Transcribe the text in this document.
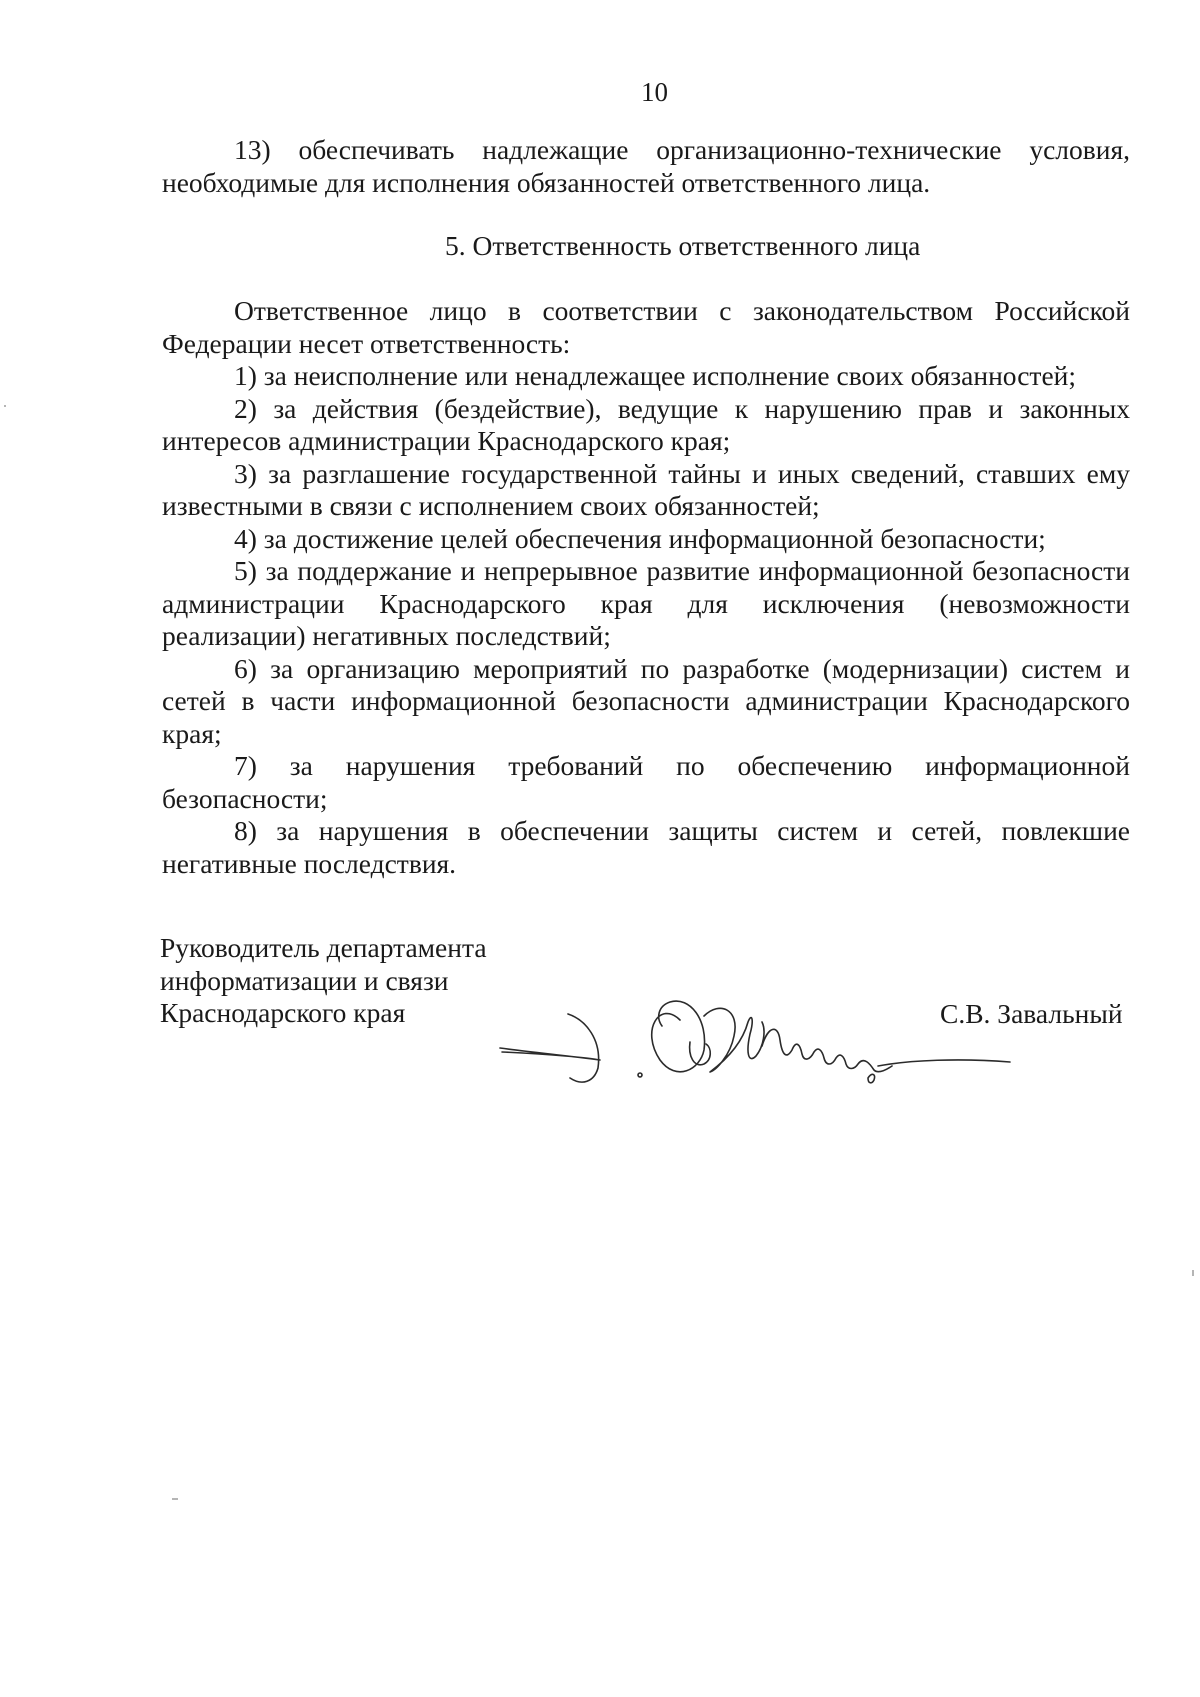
10

13) обеспечивать надлежащие организационно-технические условия, необходимые для исполнения обязанностей ответственного лица.

5. Ответственность ответственного лица

Ответственное лицо в соответствии с законодательством Российской Федерации несет ответственность:

1) за неисполнение или ненадлежащее исполнение своих обязанностей;

2) за действия (бездействие), ведущие к нарушению прав и законных интересов администрации Краснодарского края;

3) за разглашение государственной тайны и иных сведений, ставших ему известными в связи с исполнением своих обязанностей;

4) за достижение целей обеспечения информационной безопасности;

5) за поддержание и непрерывное развитие информационной безопасности администрации Краснодарского края для исключения (невозможности реализации) негативных последствий;

6) за организацию мероприятий по разработке (модернизации) систем и сетей в части информационной безопасности администрации Краснодарского края;

7) за нарушения требований по обеспечению информационной безопасности;

8) за нарушения в обеспечении защиты систем и сетей, повлекшие негативные последствия.

Руководитель департамента
информатизации и связи
Краснодарского края	С.В. Завальный
